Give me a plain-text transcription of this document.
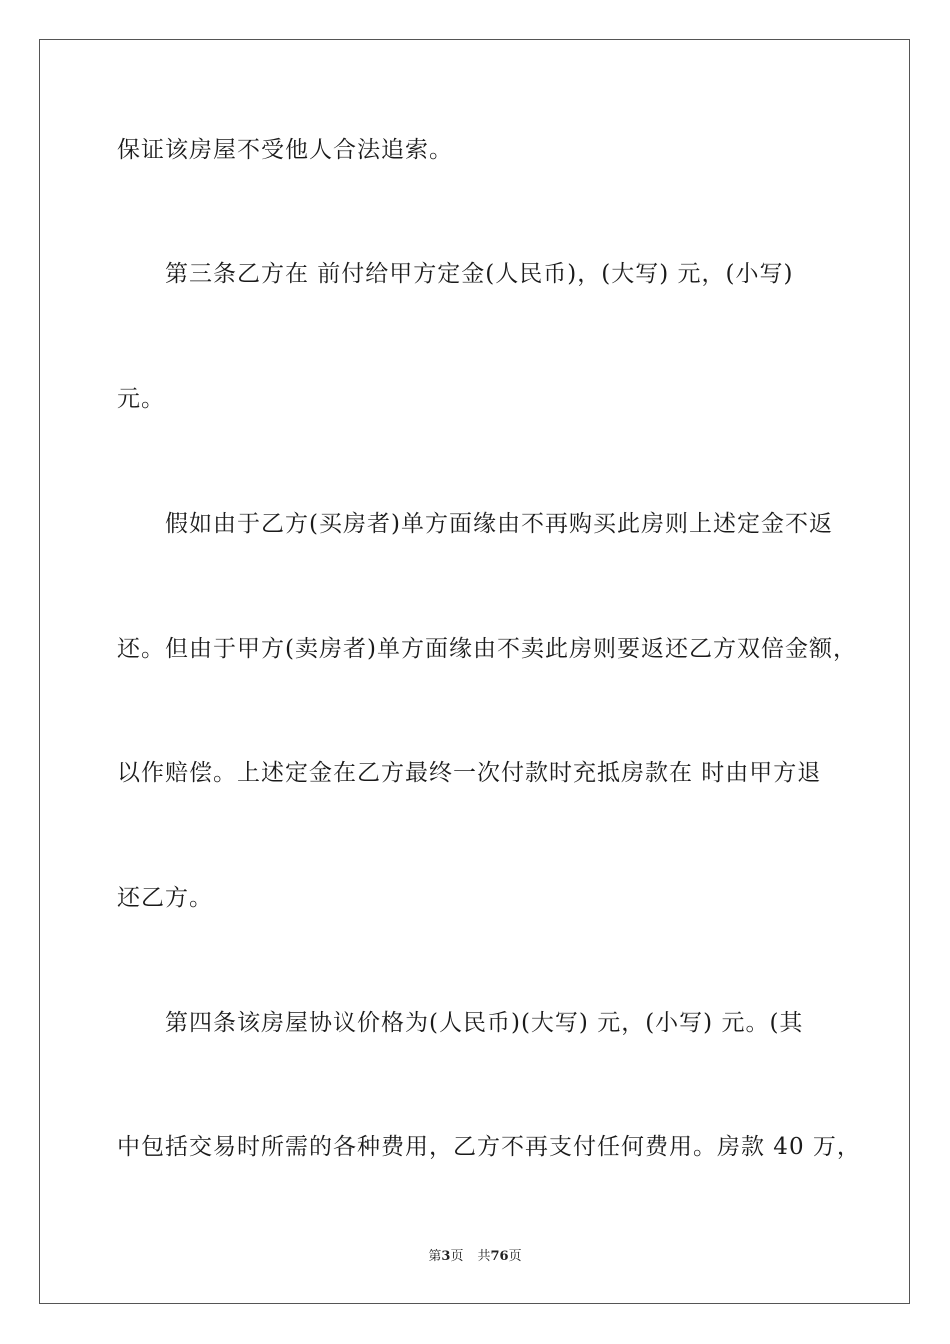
保证该房屋不受他人合法追索。
第三条乙方在 前付给甲方定金(人民币)，(大写) 元，(小写)
元。
假如由于乙方(买房者)单方面缘由不再购买此房则上述定金不返
还。但由于甲方(卖房者)单方面缘由不卖此房则要返还乙方双倍金额，
以作赔偿。上述定金在乙方最终一次付款时充抵房款在 时由甲方退
还乙方。
第四条该房屋协议价格为(人民币)(大写) 元，(小写) 元。(其
中包括交易时所需的各种费用，乙方不再支付任何费用。房款 40 万，
第3页 共76页
